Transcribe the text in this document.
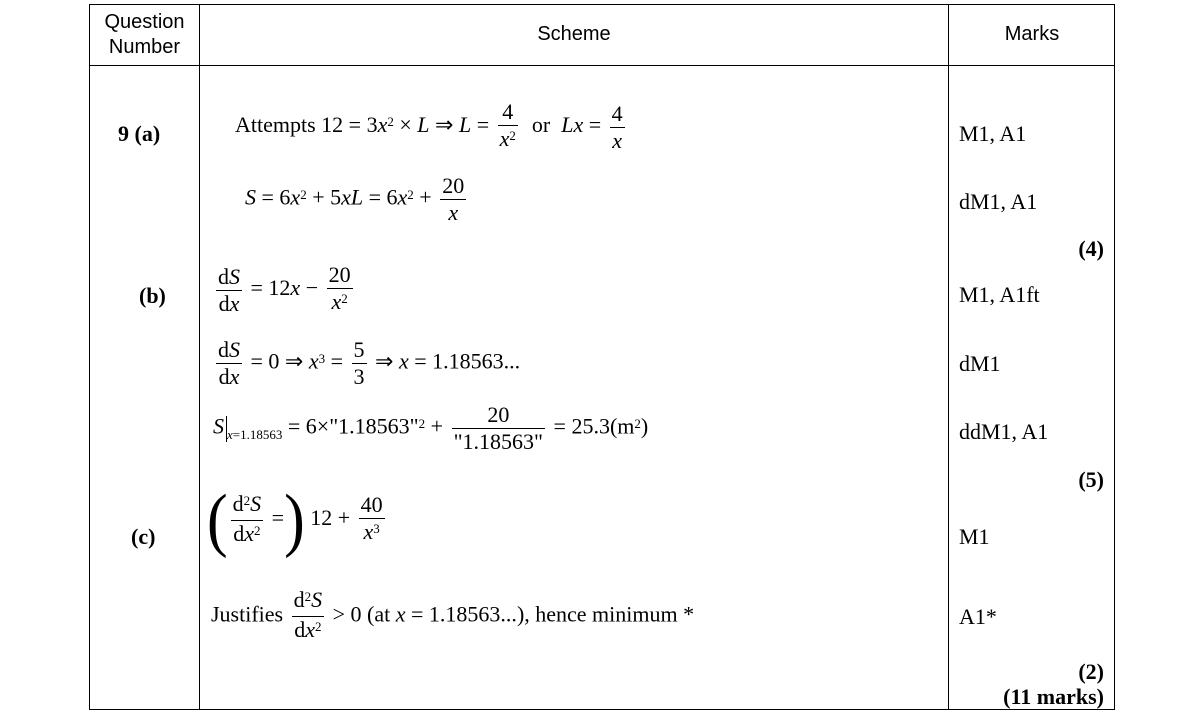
Question
Number
Scheme	Marks
9 (a)
(b)
(c)
Attempts $12 = 3x^2 \times L$ ⇒ $L = \frac{4}{x^2}$ or $Lx = \frac{4}{x}$
$S = 6x^2 + 5xL = 6x^2 + \frac{20}{x}$
$\frac{dS}{dx} = 12x - \frac{20}{x^2}$
$\frac{dS}{dx} = 0$ ⇒ $x^3 = \frac{5}{3}$ ⇒ x = 1.18563...
S $_{x=1.18563}$ = 6×"1.18563"$^2$ + $\frac{20}{"1.18563"} = 25.3(m^2)$
( $\frac{d^2S}{dx^2}$ =) $12 + \frac{40}{x^3}$
Justifies $\frac{d^2S}{dx^2} > 0$ (at x = 1.18563...), hence minimum *
M1, A1
dM1, A1
(4)
M1, A1ft
dM1
ddM1, A1
(5)
M1
A1*
(2)
(11 marks)
